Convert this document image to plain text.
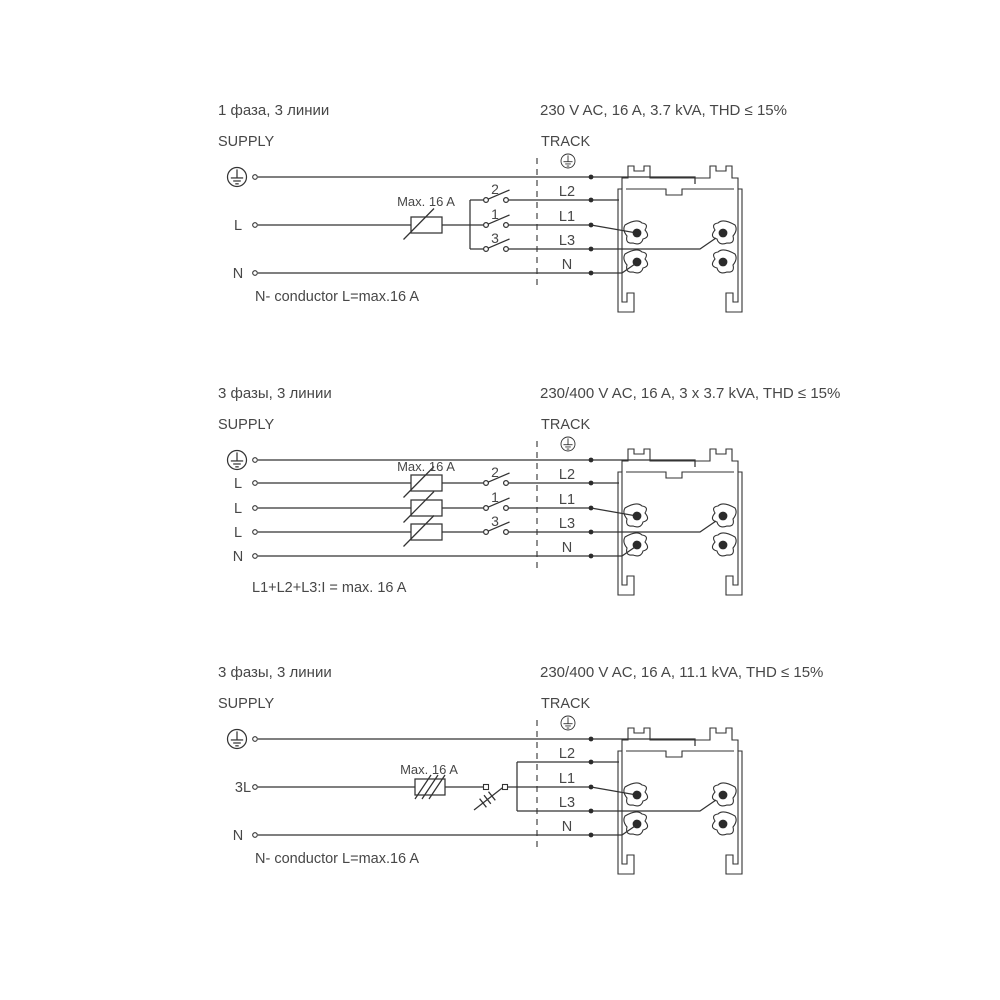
1 фаза, 3 линии	230 V AC, 16 A, 3.7 kVA, THD ≤ 15%
SUPPLY	TRACK
L
N
Max. 16 A
2
1
3
L2
L1
L3
N
N- conductor L=max.16 A
3 фазы, 3 линии	230/400 V AC, 16 A, 3 x 3.7 kVA, THD ≤ 15%
SUPPLY	TRACK
L
L
L
N
Max. 16 A	2
1
3
L2
L1
L3
N
L1+L2+L3:I = max. 16 A
3 фазы, 3 линии	230/400 V AC, 16 A, 11.1 kVA, THD ≤ 15%
SUPPLY	TRACK
3L
N
Max. 16 A
L2
L1
L3
N
N- conductor L=max.16 A
